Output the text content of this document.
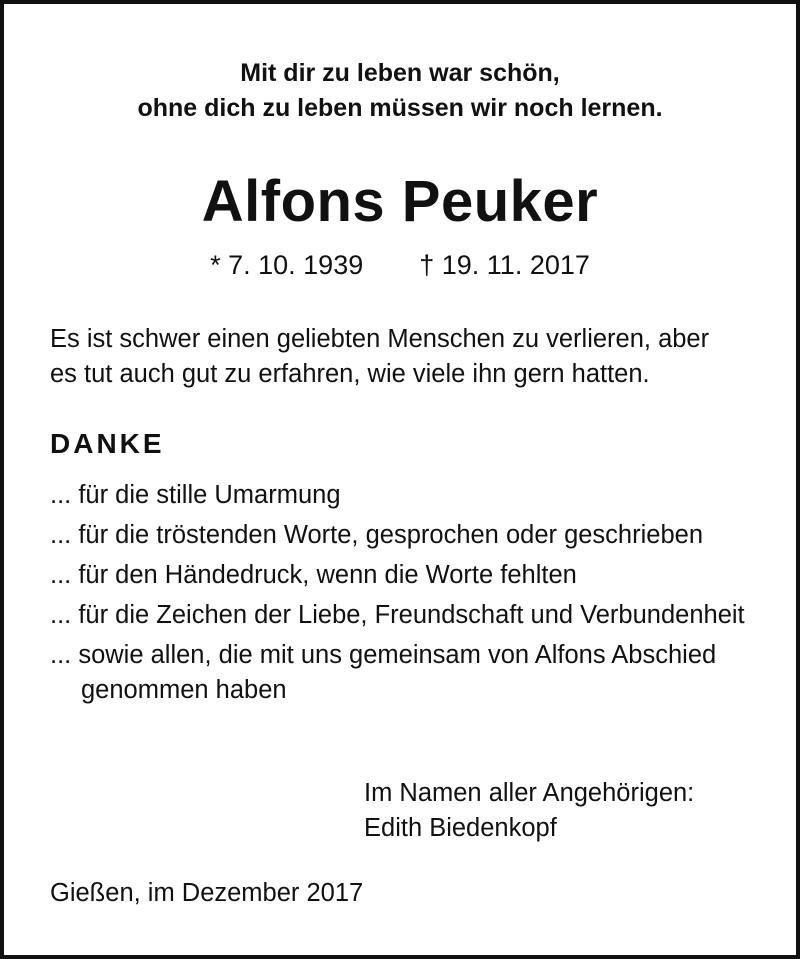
Mit dir zu leben war schön,
ohne dich zu leben müssen wir noch lernen.
Alfons Peuker
* 7. 10. 1939 † 19. 11. 2017
Es ist schwer einen geliebten Menschen zu verlieren, aber
es tut auch gut zu erfahren, wie viele ihn gern hatten.
DANKE
... für die stille Umarmung
... für die tröstenden Worte, gesprochen oder geschrieben
... für den Händedruck, wenn die Worte fehlten
... für die Zeichen der Liebe, Freundschaft und Verbundenheit
... sowie allen, die mit uns gemeinsam von Alfons Abschied genommen haben
Im Namen aller Angehörigen:
Edith Biedenkopf
Gießen, im Dezember 2017
